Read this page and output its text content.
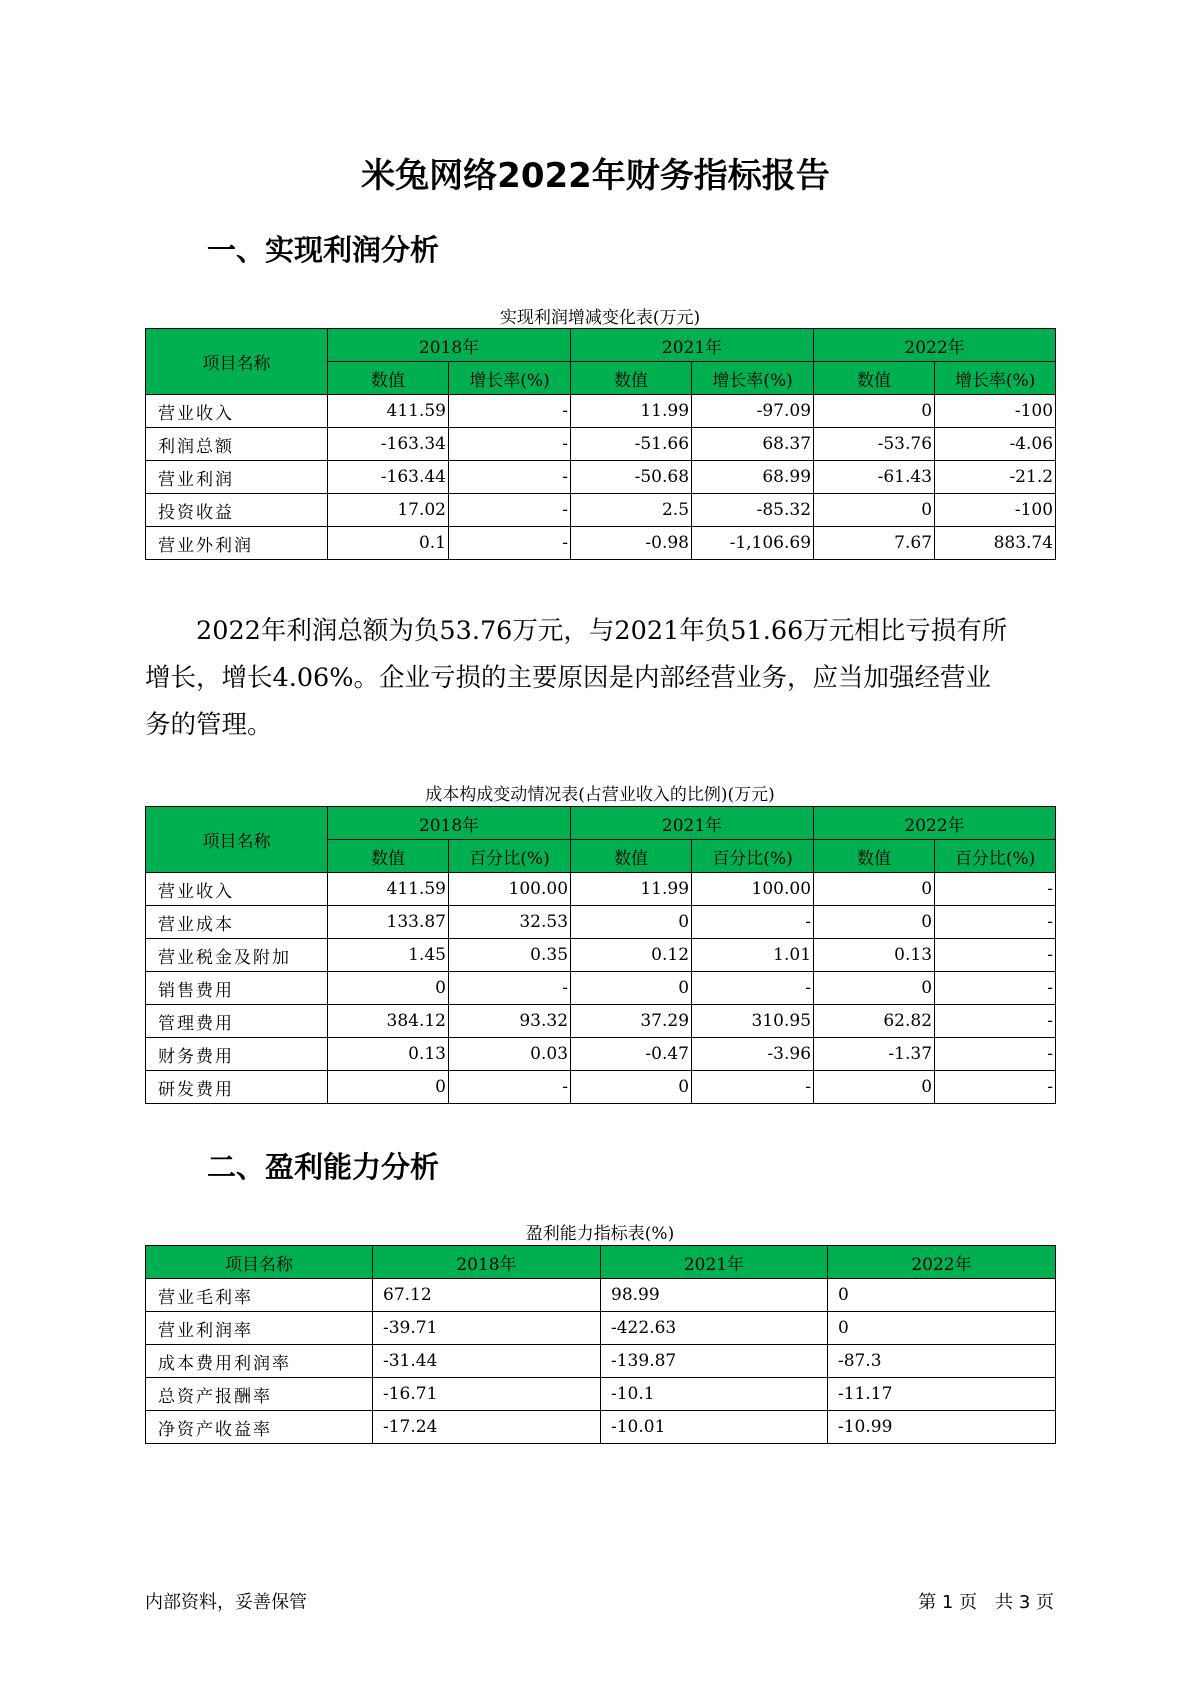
米兔网络2022年财务指标报告
一、实现利润分析
实现利润增减变化表(万元)
项目名称	2018年		2021年		2022年	
	数值	增长率(%)	数值	增长率(%)	数值	增长率(%)
营业收入	411.59	-	11.99	-97.09	0	-100
利润总额	-163.34	-	-51.66	68.37	-53.76	-4.06
营业利润	-163.44	-	-50.68	68.99	-61.43	-21.2
投资收益	17.02	-	2.5	-85.32	0	-100
营业外利润	0.1	-	-0.98	-1,106.69	7.67	883.74
　　2022年利润总额为负53.76万元，与2021年负51.66万元相比亏损有所
增长，增长4.06%。企业亏损的主要原因是内部经营业务，应当加强经营业
务的管理。
成本构成变动情况表(占营业收入的比例)(万元)
项目名称	2018年		2021年		2022年	
	数值	百分比(%)	数值	百分比(%)	数值	百分比(%)
营业收入	411.59	100.00	11.99	100.00	0	-
营业成本	133.87	32.53	0	-	0	-
营业税金及附加	1.45	0.35	0.12	1.01	0.13	-
销售费用	0	-	0	-	0	-
管理费用	384.12	93.32	37.29	310.95	62.82	-
财务费用	0.13	0.03	-0.47	-3.96	-1.37	-
研发费用	0	-	0	-	0	-
二、盈利能力分析
盈利能力指标表(%)
项目名称	2018年	2021年	2022年
营业毛利率	67.12	98.99	0
营业利润率	-39.71	-422.63	0
成本费用利润率	-31.44	-139.87	-87.3
总资产报酬率	-16.71	-10.1	-11.17
净资产收益率	-17.24	-10.01	-10.99
内部资料，妥善保管	第 1 页　共 3 页
